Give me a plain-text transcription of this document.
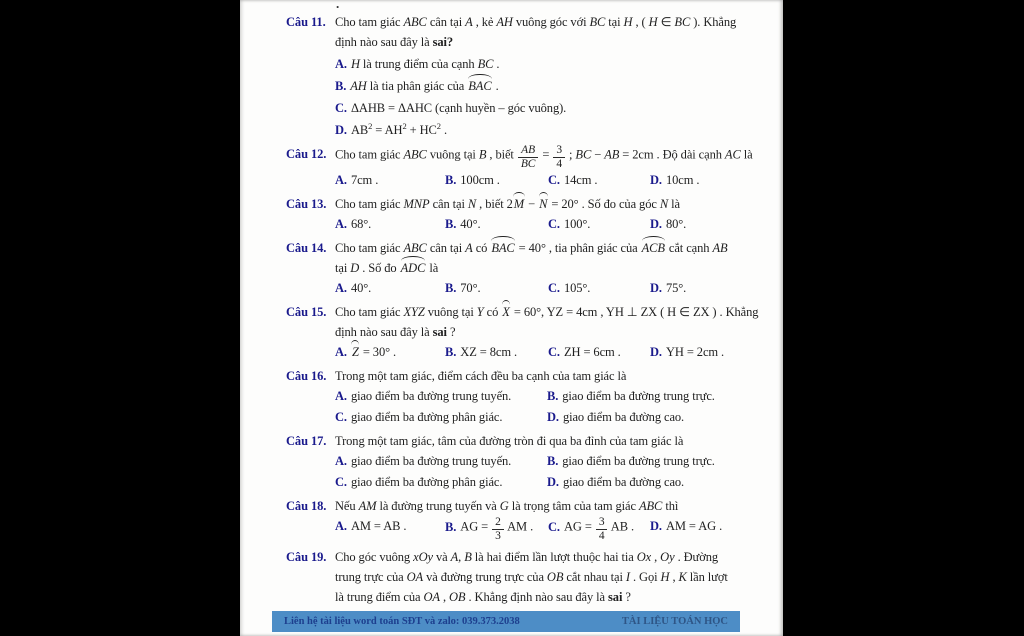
.
Câu 11. Cho tam giác ABC cân tại A , kẻ AH vuông góc với BC tại H , ( H ∈ BC ). Khẳng
định nào sau đây là sai?
A. H là trung điểm của cạnh BC .
B. AH là tia phân giác của BAC .
C. ΔAHB = ΔAHC (cạnh huyền – góc vuông).
D. $AB^2 = AH^2 + HC^2$ .
Câu 12. Cho tam giác ABC vuông tại B , biết $\frac{AB}{BC} = \frac{3}{4}$ ; BC − AB = 2cm . Độ dài cạnh AC là
A. 7cm .	B. 100cm .	C. 14cm .	D. 10cm .
Câu 13. Cho tam giác MNP cân tại N , biết 2M − N = 20° . Số đo của góc N là
A. 68°.	B. 40°.	C. 100°.	D. 80°.
Câu 14. Cho tam giác ABC cân tại A có BAC = 40° , tia phân giác của ACB cắt cạnh AB
tại D . Số đo ADC là
A. 40°.	B. 70°.	C. 105°.	D. 75°.
Câu 15. Cho tam giác XYZ vuông tại Y có X = 60°, YZ = 4cm , YH ⊥ ZX ( H ∈ ZX ) . Khẳng
định nào sau đây là sai ?
A. Z = 30° .	B. XZ = 8cm .	C. ZH = 6cm .	D. YH = 2cm .
Câu 16. Trong một tam giác, điểm cách đều ba cạnh của tam giác là
A. giao điểm ba đường trung tuyến.	B. giao điểm ba đường trung trực.
C. giao điểm ba đường phân giác.	D. giao điểm ba đường cao.
Câu 17. Trong một tam giác, tâm của đường tròn đi qua ba đỉnh của tam giác là
A. giao điểm ba đường trung tuyến.	B. giao điểm ba đường trung trực.
C. giao điểm ba đường phân giác.	D. giao điểm ba đường cao.
Câu 18. Nếu AM là đường trung tuyến và G là trọng tâm của tam giác ABC thì
A. AM = AB .	B. AG = $\frac{2}{3}$ AM .	C. AG = $\frac{3}{4}$ AB .	D. AM = AG .
Câu 19. Cho góc vuông xOy và A, B là hai điểm lần lượt thuộc hai tia Ox , Oy . Đường
trung trực của OA và đường trung trực của OB cắt nhau tại I . Gọi H , K lần lượt
là trung điểm của OA , OB . Khẳng định nào sau đây là sai ?
Liên hệ tài liệu word toán SĐT và zalo: 039.373.2038	TÀI LIỆU TOÁN HỌC
